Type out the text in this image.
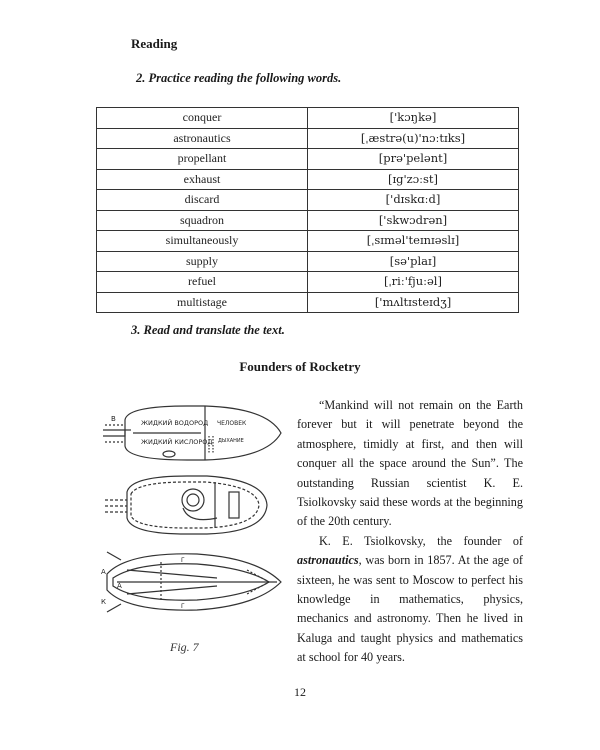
Reading

2. Practice reading the following words.

conquer	['kɔŋkə]
astronautics	[ˌæstrə(u)'nɔːtɪks]
propellant	[prə'pelənt]
exhaust	[ɪg'zɔːst]
discard	['dɪskɑːd]
squadron	['skwɔdrən]
simultaneously	[ˌsɪməl'teɪnɪəslɪ]
supply	[sə'plaɪ]
refuel	[ˌriː'fjuːəl]
multistage	['mʌltɪsteɪdʒ]

3. Read and translate the text.

Founders of Rocketry
ЖИДКИЙ ВОДОРОД
ЖИДКИЙ КИСЛОРОД
ЧЕЛОВЕК
ДЫХАНИЕ
В
А
А
К
Г
Г

Fig. 7

“Mankind will not remain on the Earth forever but it will penetrate beyond the atmosphere, timidly at first, and then will conquer all the space around the Sun”. The outstanding Russian scientist K. E. Tsiolkovsky said these words at the beginning of the 20th century.

K. E. Tsiolkovsky, the founder of astronautics, was born in 1857. At the age of sixteen, he was sent to Moscow to perfect his knowledge in mathematics, physics, mechanics and astronomy. Then he lived in Kaluga and taught physics and mathematics at school for 40 years.

12
